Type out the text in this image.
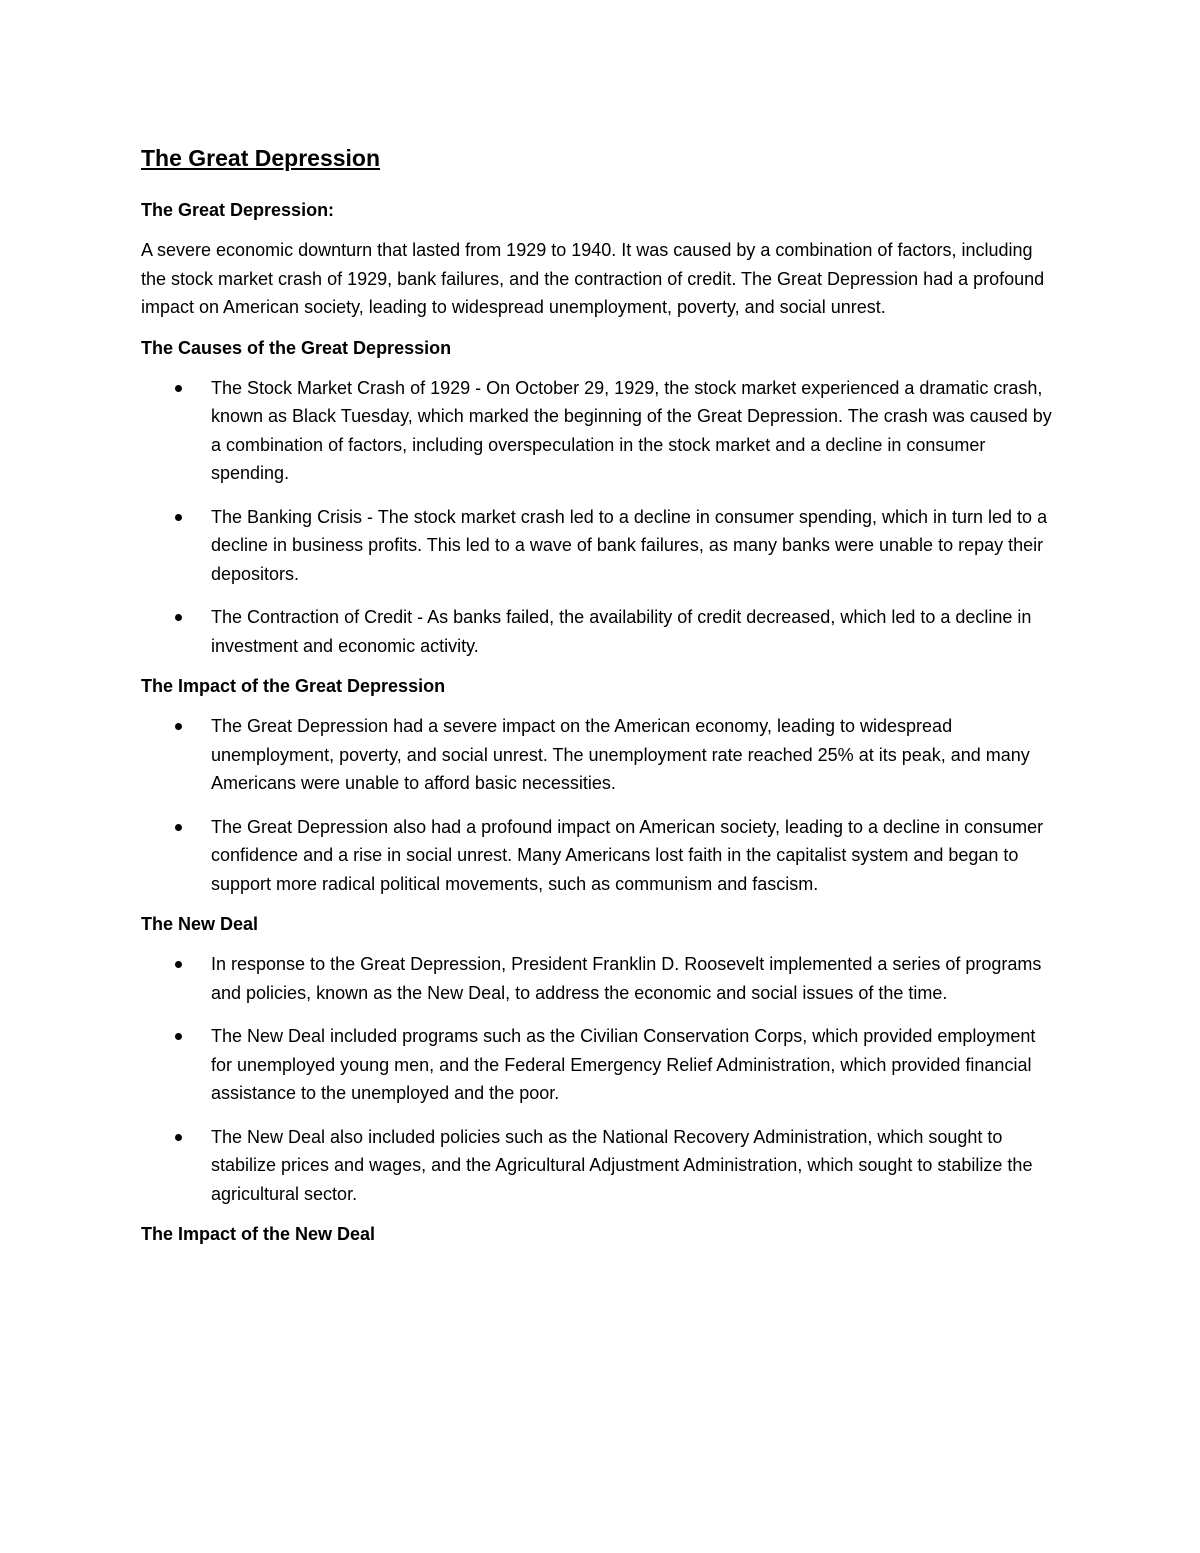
The Great Depression
The Great Depression:
A severe economic downturn that lasted from 1929 to 1940. It was caused by a combination of factors, including the stock market crash of 1929, bank failures, and the contraction of credit. The Great Depression had a profound impact on American society, leading to widespread unemployment, poverty, and social unrest.
The Causes of the Great Depression
The Stock Market Crash of 1929 - On October 29, 1929, the stock market experienced a dramatic crash, known as Black Tuesday, which marked the beginning of the Great Depression. The crash was caused by a combination of factors, including overspeculation in the stock market and a decline in consumer spending.
The Banking Crisis - The stock market crash led to a decline in consumer spending, which in turn led to a decline in business profits. This led to a wave of bank failures, as many banks were unable to repay their depositors.
The Contraction of Credit - As banks failed, the availability of credit decreased, which led to a decline in investment and economic activity.
The Impact of the Great Depression
The Great Depression had a severe impact on the American economy, leading to widespread unemployment, poverty, and social unrest. The unemployment rate reached 25% at its peak, and many Americans were unable to afford basic necessities.
The Great Depression also had a profound impact on American society, leading to a decline in consumer confidence and a rise in social unrest. Many Americans lost faith in the capitalist system and began to support more radical political movements, such as communism and fascism.
The New Deal
In response to the Great Depression, President Franklin D. Roosevelt implemented a series of programs and policies, known as the New Deal, to address the economic and social issues of the time.
The New Deal included programs such as the Civilian Conservation Corps, which provided employment for unemployed young men, and the Federal Emergency Relief Administration, which provided financial assistance to the unemployed and the poor.
The New Deal also included policies such as the National Recovery Administration, which sought to stabilize prices and wages, and the Agricultural Adjustment Administration, which sought to stabilize the agricultural sector.
The Impact of the New Deal
